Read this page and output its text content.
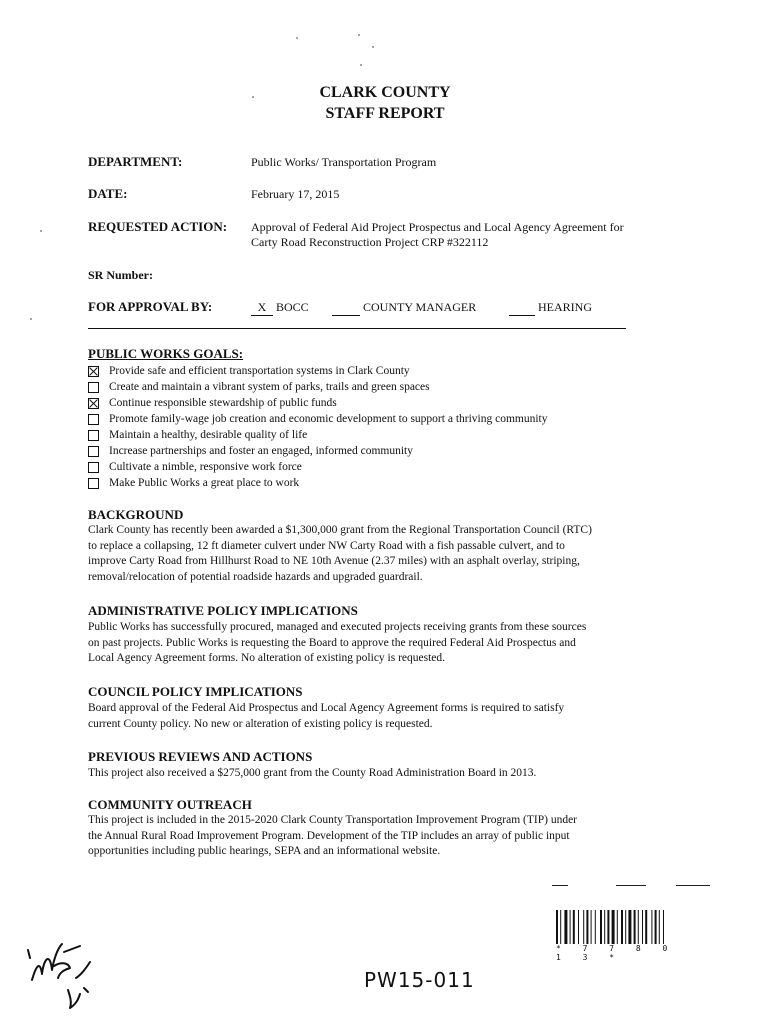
CLARK COUNTY
STAFF REPORT
DEPARTMENT:	Public Works/ Transportation Program
DATE:	February 17, 2015
REQUESTED ACTION: Approval of Federal Aid Project Prospectus and Local Agency Agreement for
Carty Road Reconstruction Project CRP #322112
SR Number:
FOR APPROVAL BY:	X BOCC	COUNTY MANAGER	HEARING
PUBLIC WORKS GOALS:
Provide safe and efficient transportation systems in Clark County
Create and maintain a vibrant system of parks, trails and green spaces
Continue responsible stewardship of public funds
Promote family-wage job creation and economic development to support a thriving community
Maintain a healthy, desirable quality of life
Increase partnerships and foster an engaged, informed community
Cultivate a nimble, responsive work force
Make Public Works a great place to work
BACKGROUND
Clark County has recently been awarded a $1,300,000 grant from the Regional Transportation Council (RTC)
to replace a collapsing, 12 ft diameter culvert under NW Carty Road with a fish passable culvert, and to
improve Carty Road from Hillhurst Road to NE 10th Avenue (2.37 miles) with an asphalt overlay, striping,
removal/relocation of potential roadside hazards and upgraded guardrail.
ADMINISTRATIVE POLICY IMPLICATIONS
Public Works has successfully procured, managed and executed projects receiving grants from these sources
on past projects. Public Works is requesting the Board to approve the required Federal Aid Prospectus and
Local Agency Agreement forms. No alteration of existing policy is requested.
COUNCIL POLICY IMPLICATIONS
Board approval of the Federal Aid Prospectus and Local Agency Agreement forms is required to satisfy
current County policy. No new or alteration of existing policy is requested.
PREVIOUS REVIEWS AND ACTIONS
This project also received a $275,000 grant from the County Road Administration Board in 2013.
COMMUNITY OUTREACH
This project is included in the 2015-2020 Clark County Transportation Improvement Program (TIP) under
the Annual Rural Road Improvement Program. Development of the TIP includes an array of public input
opportunities including public hearings, SEPA and an informational website.
* 7 7 8 0 1 3 *
PW15-011
